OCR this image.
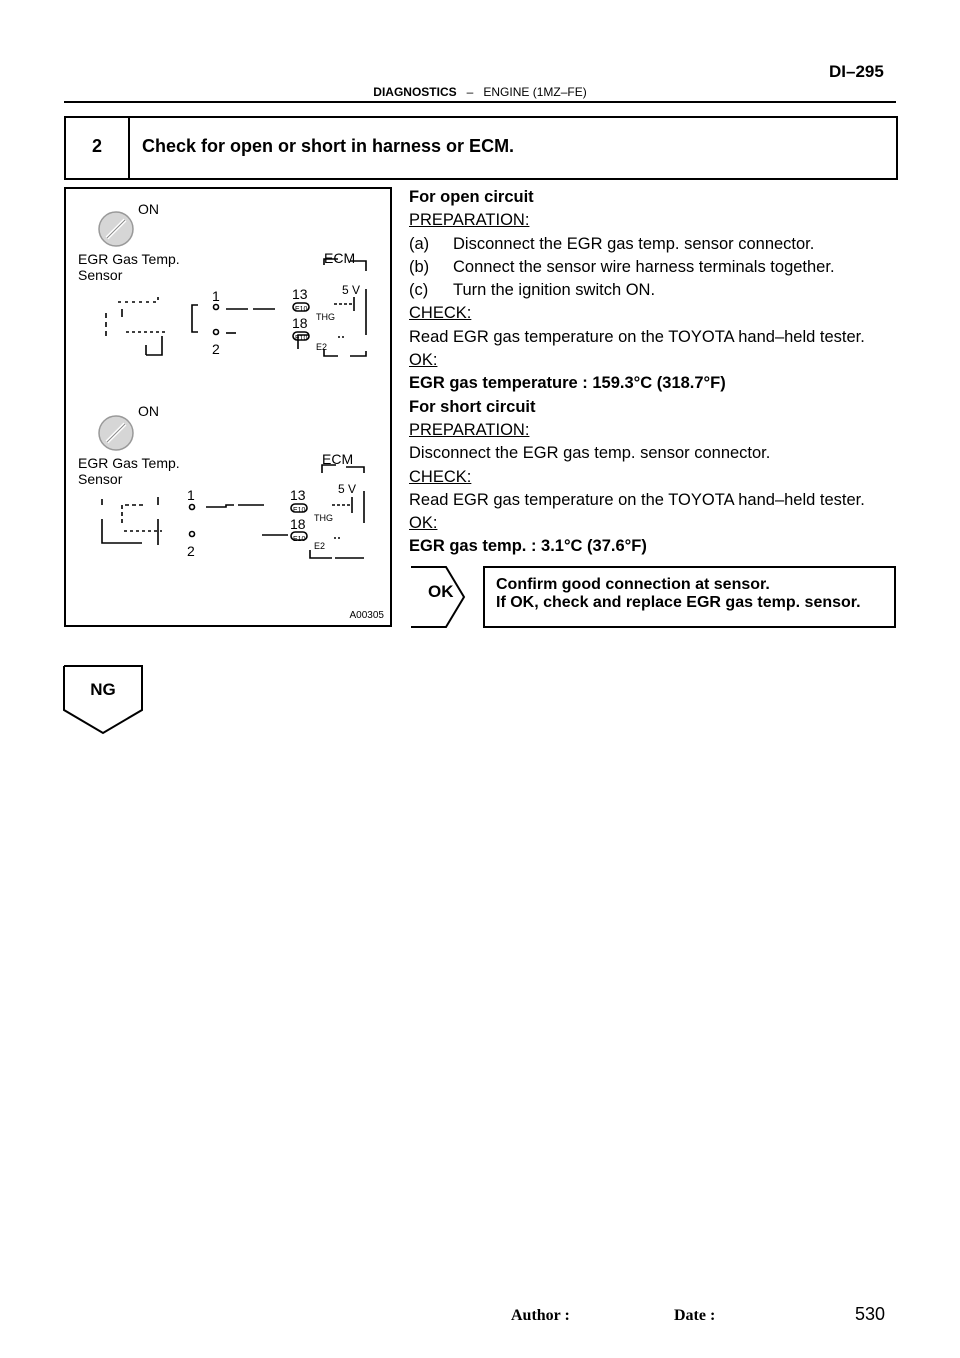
DI–295
DIAGNOSTICS – ENGINE (1MZ–FE)
2	Check for open or short in harness or ECM.
ON
EGR Gas Temp.
Sensor
ECM
1
2
13
18
E10
E10
5 V
THG
E2
ON
EGR Gas Temp.
Sensor
ECM
1
2
13
18
E10
E10
5 V
THG
E2
A00305
For open circuit
PREPARATION:
(a) Disconnect the EGR gas temp. sensor connector.
(b) Connect the sensor wire harness terminals together.
(c) Turn the ignition switch ON.
CHECK:
Read EGR gas temperature on the TOYOTA hand–held tester.
OK:
EGR gas temperature : 159.3°C (318.7°F)
For short circuit
PREPARATION:
Disconnect the EGR gas temp. sensor connector.
CHECK:
Read EGR gas temperature on the TOYOTA hand–held tester.
OK:
EGR gas temp. : 3.1°C (37.6°F)
OK	Confirm good connection at sensor.
If OK, check and replace EGR gas temp. sensor.
NG
Author :	Date :	530
